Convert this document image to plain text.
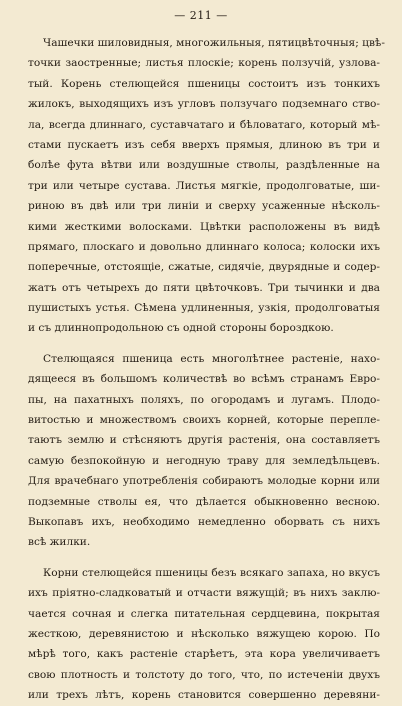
— 211 —
Чашечки шиловидныя, многожильныя, пятицвѣточныя; цвѣ-
точки заостренные; листья плоскіе; корень ползучій, узлова-
тый. Корень стелющейся пшеницы состоитъ изъ тонкихъ
жилокъ, выходящихъ изъ угловъ ползучаго подземнаго ство-
ла, всегда длиннаго, суставчатаго и бѣловатаго, который мѣ-
стами пускаетъ изъ себя вверхъ прямыя, длиною въ три и
болѣе фута вѣтви или воздушные стволы, раздѣленные на
три или четыре сустава. Листья мягкіе, продолговатые, ши-
риною въ двѣ или три линіи и сверху усаженные нѣсколь-
кими жесткими волосками. Цвѣтки расположены въ видѣ
прямаго, плоскаго и довольно длиннаго колоса; колоски ихъ
поперечные, отстоящіе, сжатые, сидячіе, двурядные и содер-
жатъ отъ четырехъ до пяти цвѣточковъ. Три тычинки и два
пушистыхъ устья. Сѣмена удлиненныя, узкія, продолговатыя
и съ длиннопродольною съ одной стороны бороздкою.
Стелющаяся пшеница есть многолѣтнее растеніе, нахо-
дящееся въ большомъ количествѣ во всѣмъ странамъ Евро-
пы, на пахатныхъ поляхъ, по огородамъ и лугамъ. Плодо-
витостью и множествомъ своихъ корней, которые перепле-
таютъ землю и стѣсняютъ другія растенія, она составляетъ
самую безпокойную и негодную траву для земледѣльцевъ.
Для врачебнаго употребленія собираютъ молодые корни или
подземные стволы ея, что дѣлается обыкновенно весною.
Выкопавъ ихъ, необходимо немедленно оборвать съ нихъ
всѣ жилки.
Корни стелющейся пшеницы безъ всякаго запаха, но вкусъ
ихъ пріятно-сладковатый и отчасти вяжущій; въ нихъ заклю-
чается сочная и слегка питательная сердцевина, покрытая
жесткою, деревянистою и нѣсколько вяжущею корою. По
мѣрѣ того, какъ растеніе старѣетъ, эта кора увеличиваетъ
свою плотность и толстоту до того, что, по истеченіи двухъ
или трехъ лѣтъ, корень становится совершенно деревяни-
